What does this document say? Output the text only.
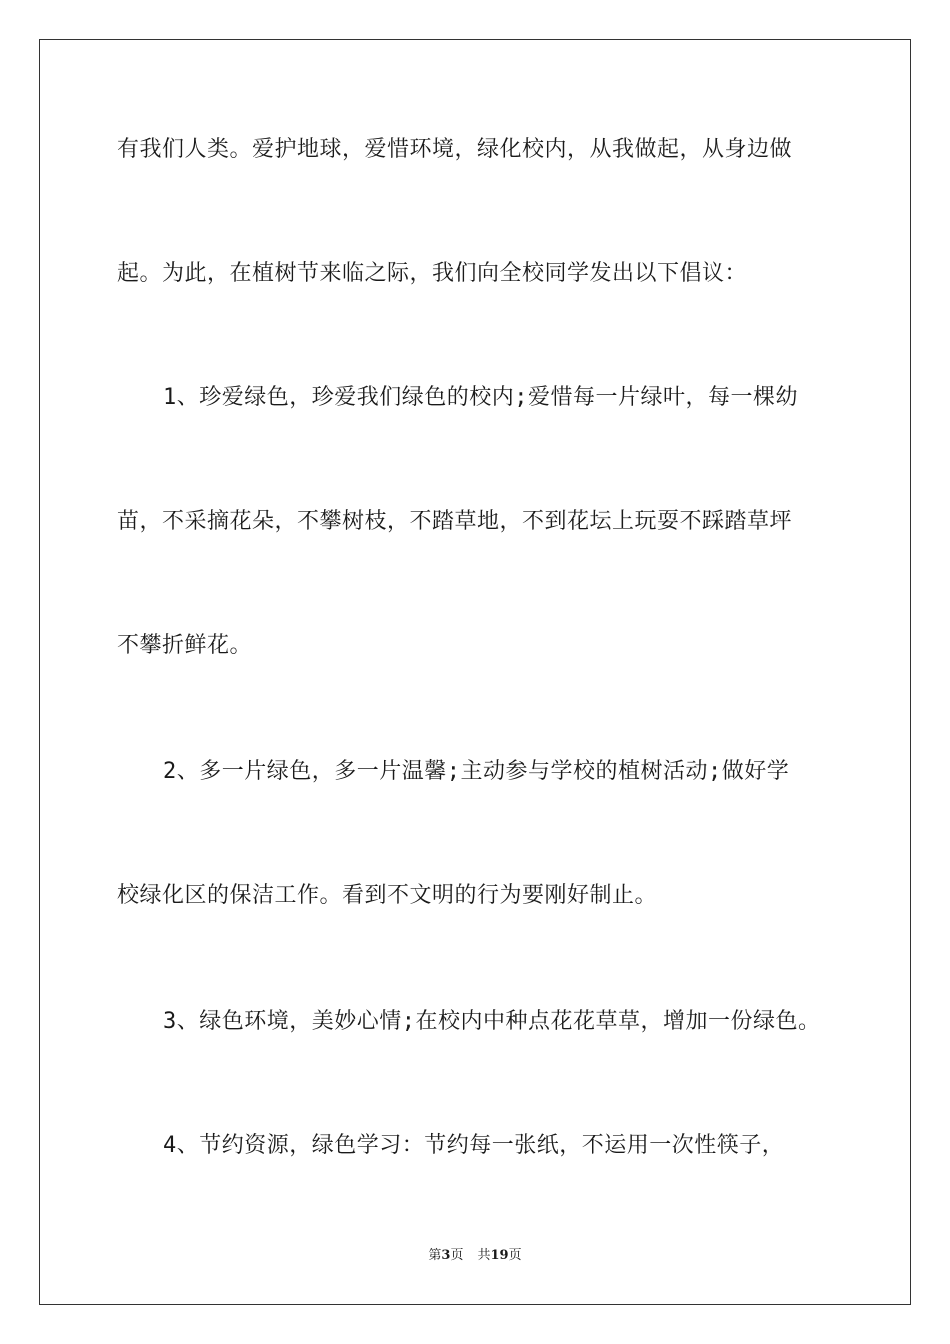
有我们人类。爱护地球，爱惜环境，绿化校内，从我做起，从身边做
起。为此，在植树节来临之际，我们向全校同学发出以下倡议：
1、珍爱绿色，珍爱我们绿色的校内;爱惜每一片绿叶，每一棵幼
苗，不采摘花朵，不攀树枝，不踏草地，不到花坛上玩耍不踩踏草坪
不攀折鲜花。
2、多一片绿色，多一片温馨;主动参与学校的植树活动;做好学
校绿化区的保洁工作。看到不文明的行为要刚好制止。
3、绿色环境，美妙心情;在校内中种点花花草草，增加一份绿色。
4、节约资源，绿色学习：节约每一张纸，不运用一次性筷子，
第3页 共19页
